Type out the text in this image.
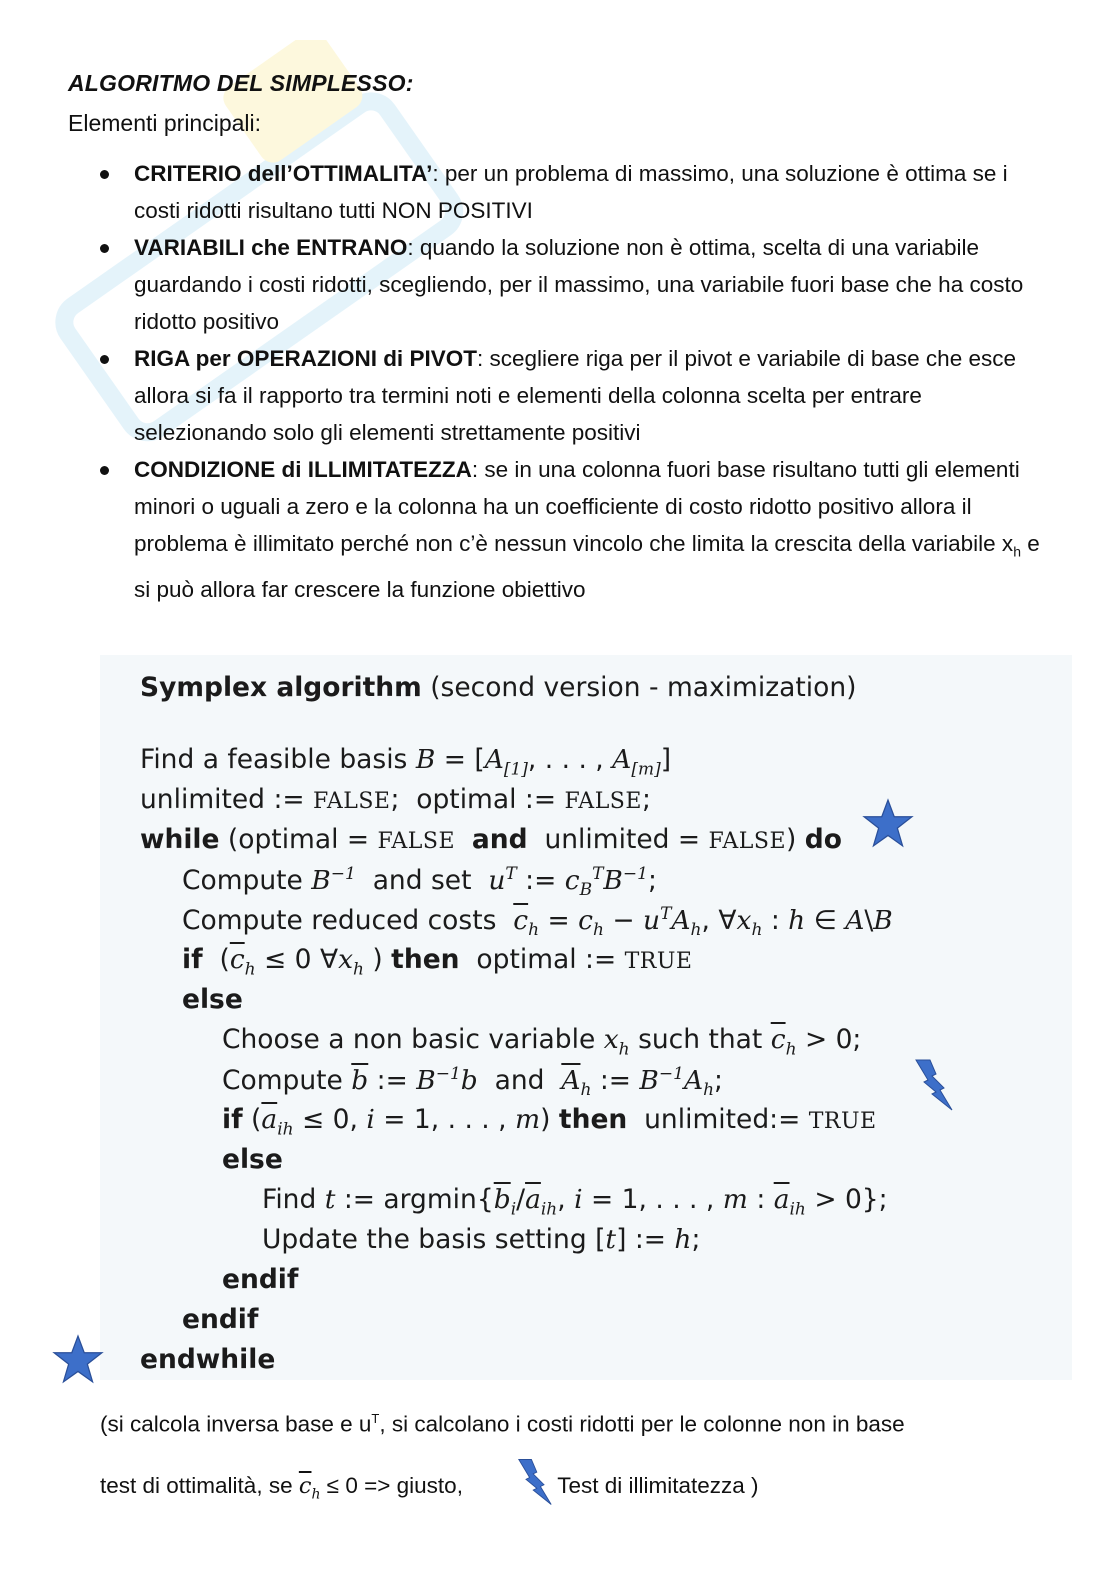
ALGORITMO DEL SIMPLESSO:
Elementi principali:
CRITERIO dell’OTTIMALITA’: per un problema di massimo, una soluzione è ottima se i costi ridotti risultano tutti NON POSITIVI
VARIABILI che ENTRANO: quando la soluzione non è ottima, scelta di una variabile guardando i costi ridotti, scegliendo, per il massimo, una variabile fuori base che ha costo ridotto positivo
RIGA per OPERAZIONI di PIVOT: scegliere riga per il pivot e variabile di base che esce allora si fa il rapporto tra termini noti e elementi della colonna scelta per entrare selezionando solo gli elementi strettamente positivi
CONDIZIONE di ILLIMITATEZZA: se in una colonna fuori base risultano tutti gli elementi minori o uguali a zero e la colonna ha un coefficiente di costo ridotto positivo allora il problema è illimitato perché non c’è nessun vincolo che limita la crescita della variabile $x_h$ e si può allora far crescere la funzione obiettivo
Symplex algorithm (second version - maximization)
Find a feasible basis $B = [A_{[1]}$, . . . , $A_{[m]}$]
unlimited := FALSE;  optimal := FALSE;
while (optimal = FALSE and unlimited = FALSE) do
Compute $B^{-1}$ and set $u^T$ := $c_B^TB^{-1}$;
Compute reduced costs $\overline{c}_h = c_h - u^TA_h$, $\forall x_h$ : h ∈ A\B
if  ($\overline{c}_h \le 0$ $\forall x_h$ ) then optimal := TRUE
else
Choose a non basic variable $x_h$ such that $\overline{c}_h > 0$;
Compute $\overline{b}$ := $B^{-1}b$ and $\overline{A}_h$ := $B^{-1}A_h$;
if ($\overline{a}_{ih} \le 0$, i = 1, . . . , m) then unlimited:= TRUE
else
Find t := $argmin\{\overline{b}_i/\overline{a}_{ih}$, i = 1, . . . , m : $\overline{a}_{ih} > 0$};
Update the basis setting [t] := h;
endif
endif
endwhile
(si calcola inversa base e $u^T$, si calcolano i costi ridotti per le colonne non in base
test di ottimalità, se $\overline{c}_h \le 0$ => giusto,	Test di illimitatezza )
